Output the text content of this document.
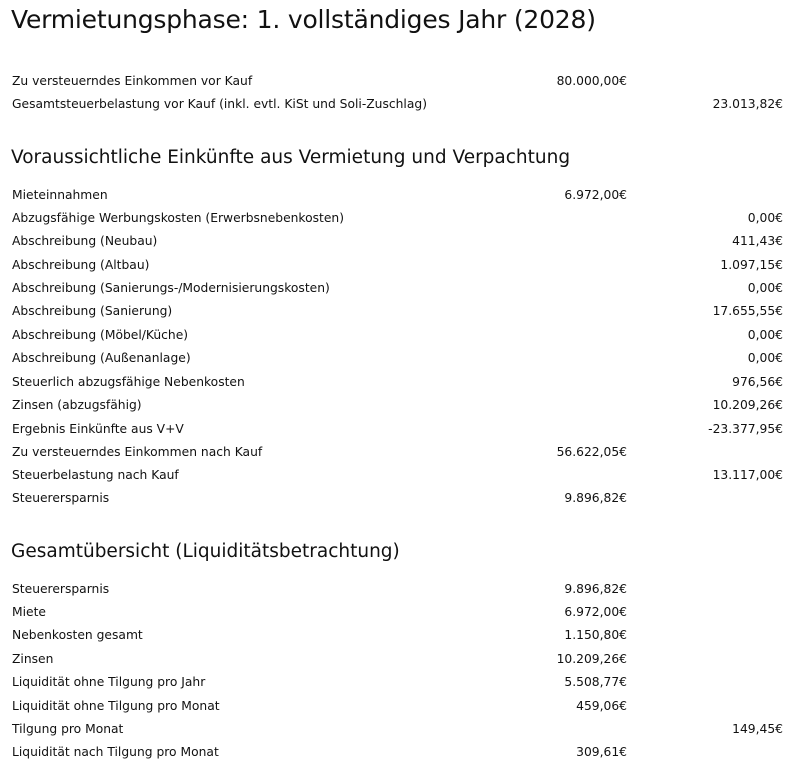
Vermietungsphase: 1. vollständiges Jahr (2028)
Zu versteuerndes Einkommen vor Kauf	80.000,00€
Gesamtsteuerbelastung vor Kauf (inkl. evtl. KiSt und Soli-Zuschlag)	23.013,82€
Voraussichtliche Einkünfte aus Vermietung und Verpachtung
Mieteinnahmen	6.972,00€
Abzugsfähige Werbungskosten (Erwerbsnebenkosten)	0,00€
Abschreibung (Neubau)	411,43€
Abschreibung (Altbau)	1.097,15€
Abschreibung (Sanierungs-/Modernisierungskosten)	0,00€
Abschreibung (Sanierung)	17.655,55€
Abschreibung (Möbel/Küche)	0,00€
Abschreibung (Außenanlage)	0,00€
Steuerlich abzugsfähige Nebenkosten	976,56€
Zinsen (abzugsfähig)	10.209,26€
Ergebnis Einkünfte aus V+V	-23.377,95€
Zu versteuerndes Einkommen nach Kauf	56.622,05€
Steuerbelastung nach Kauf	13.117,00€
Steuerersparnis	9.896,82€
Gesamtübersicht (Liquiditätsbetrachtung)
Steuerersparnis	9.896,82€
Miete	6.972,00€
Nebenkosten gesamt	1.150,80€
Zinsen	10.209,26€
Liquidität ohne Tilgung pro Jahr	5.508,77€
Liquidität ohne Tilgung pro Monat	459,06€
Tilgung pro Monat	149,45€
Liquidität nach Tilgung pro Monat	309,61€
